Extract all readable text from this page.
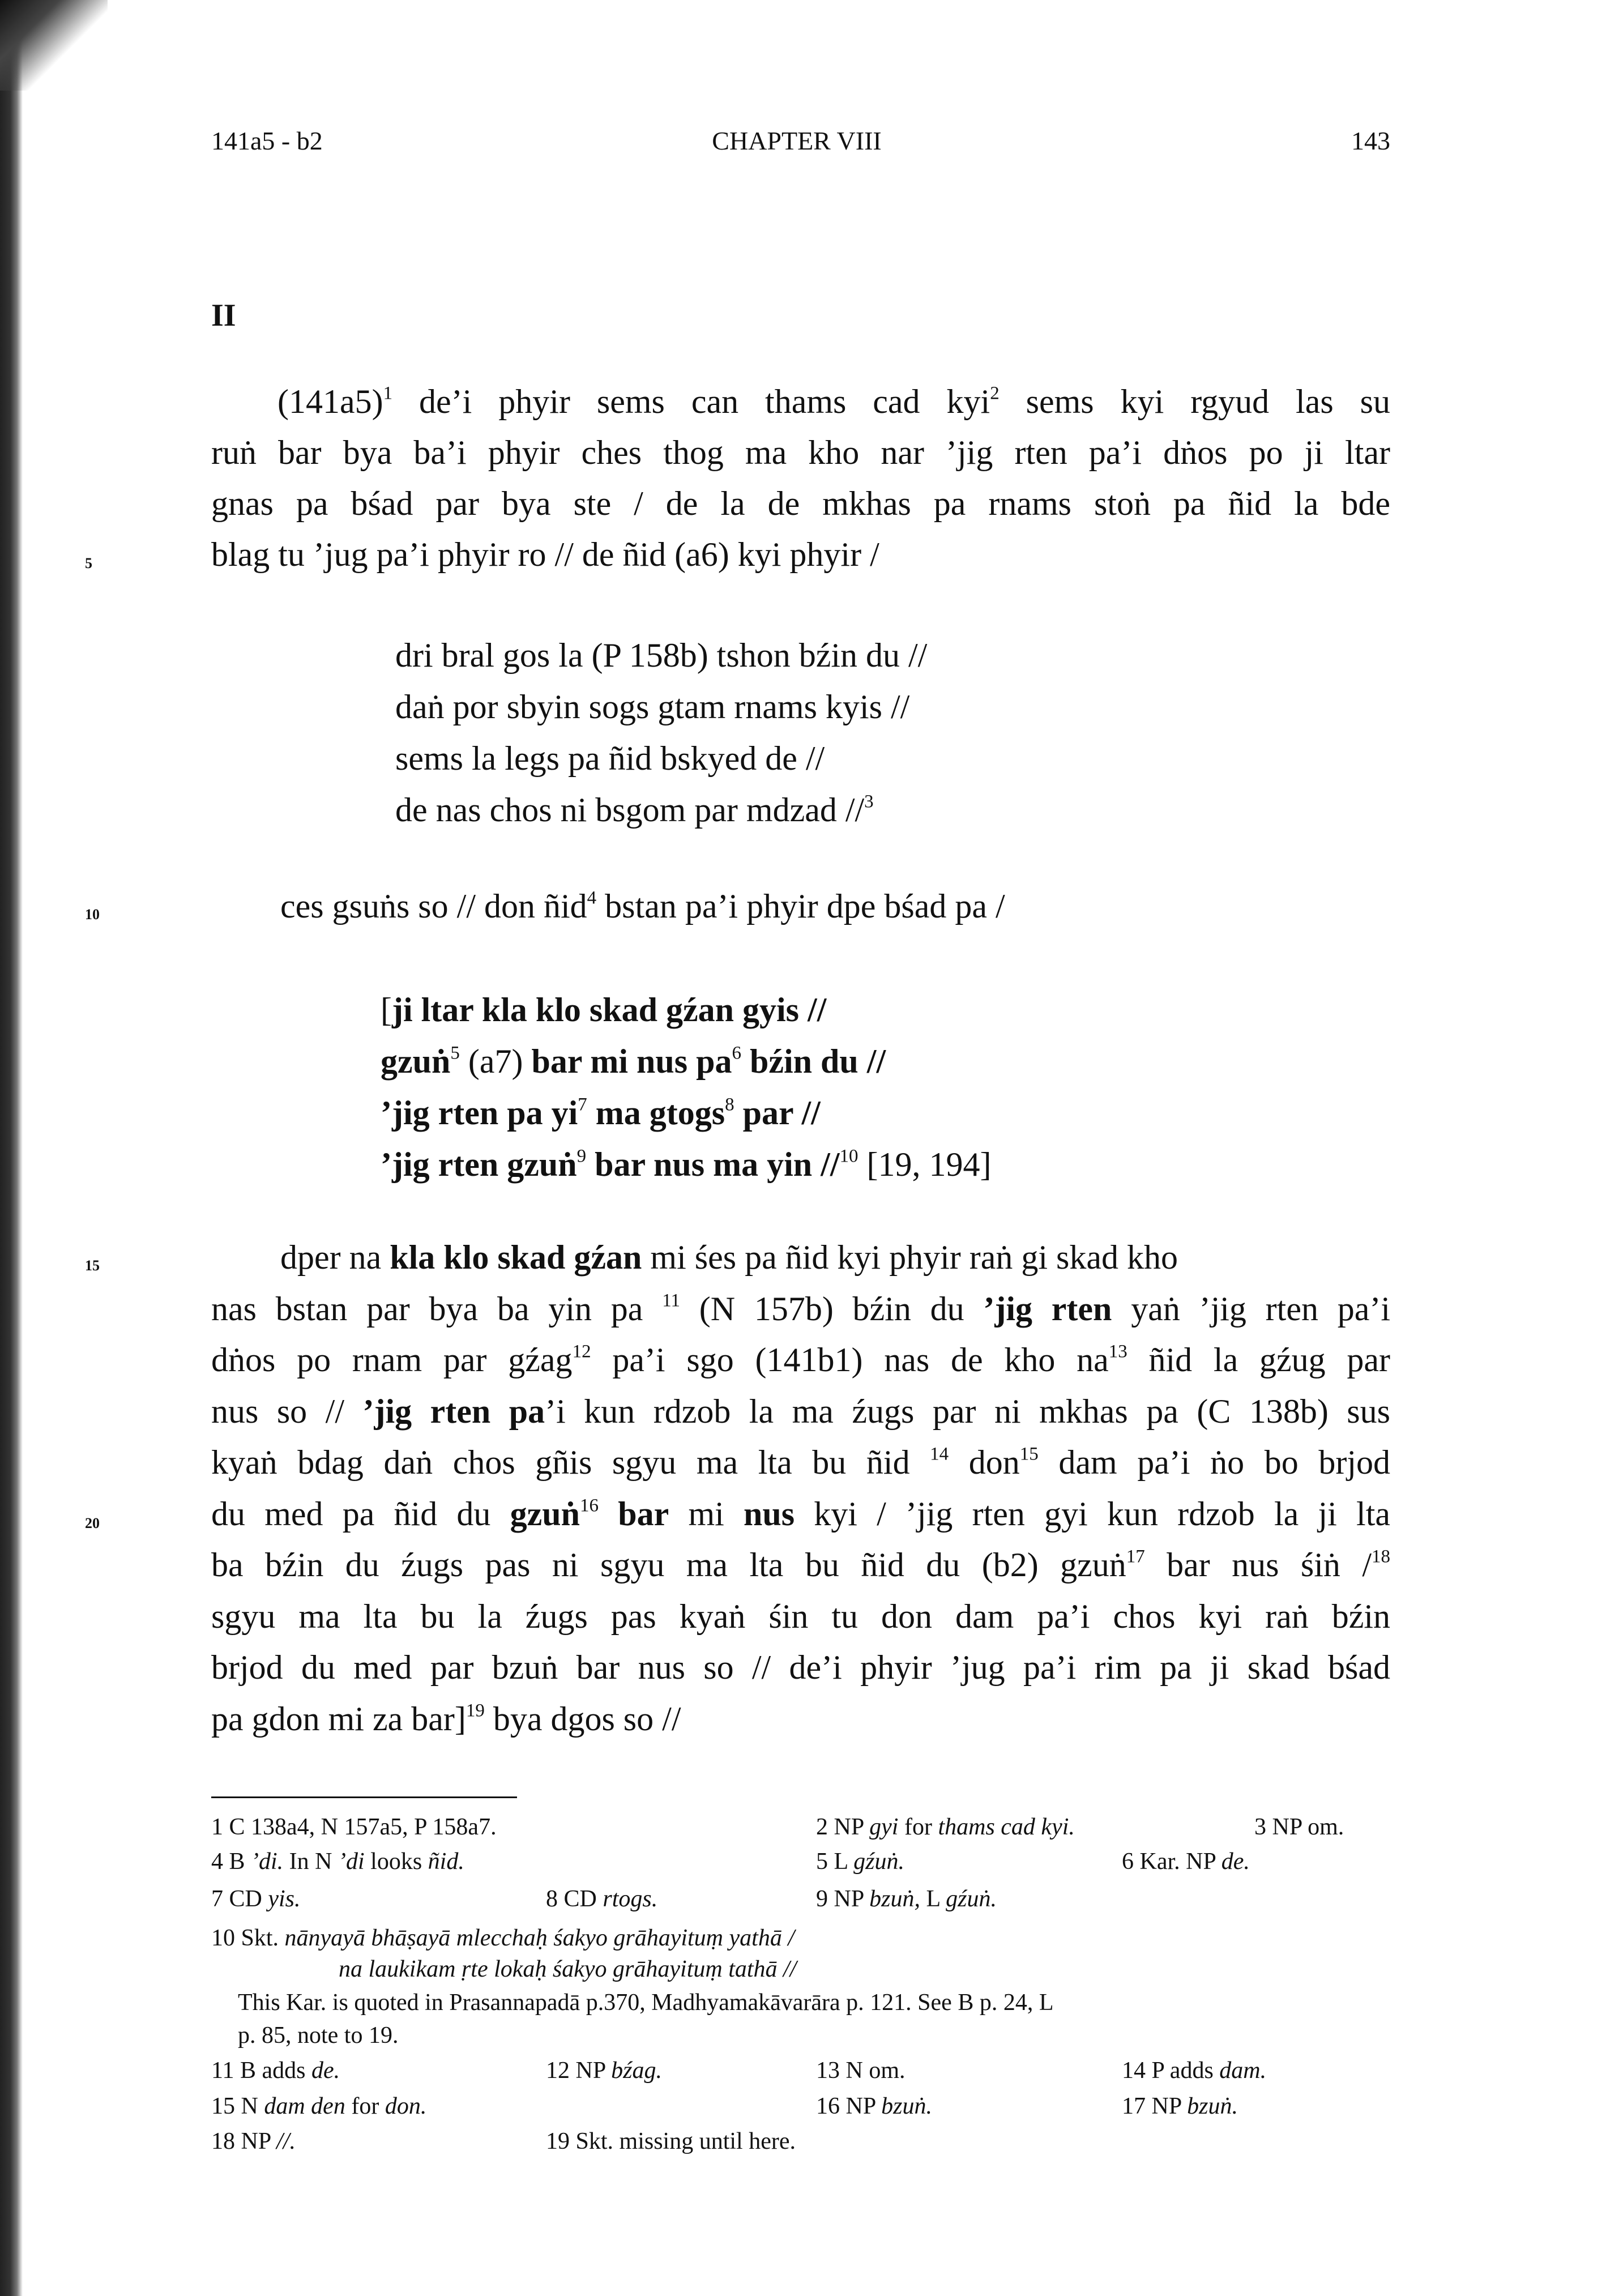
141a5 - b2	CHAPTER VIII	143
II
5
10
15
20
$(141a5)^1$ de’i phyir sems can thams cad kyi$^2$ sems kyi rgyud las su
ruṅ bar bya ba’i phyir ches thog ma kho nar ’jig rten pa’i dṅos po ji ltar
gnas pa bśad par bya ste / de la de mkhas pa rnams stoṅ pa ñid la bde
blag tu ’jug pa’i phyir ro // de ñid (a6) kyi phyir /
dri bral gos la (P 158b) tshon bźin du //
daṅ por sbyin sogs gtam rnams kyis //
sems la legs pa ñid bskyed de //
de nas chos ni bsgom par mdzad //$^3$
ces gsuṅs so // don ñid$^4$ bstan pa’i phyir dpe bśad pa /
[ji ltar kla klo skad gźan gyis //
gzuṅ$^5$ (a7) bar mi nus $pa^6$ bźin du //
’jig rten pa $yi^7$ ma gtogs$^8$ par //
’jig rten gzuṅ$^9$ bar nus ma yin //$^{10}$ [19, 194]
dper na kla klo skad gźan mi śes pa ñid kyi phyir raṅ gi skad kho
nas bstan par bya ba yin pa $^{11}$ (N 157b) bźin du ’jig rten yaṅ ’jig rten pa’i
dṅos po rnam par gźag$^{12}$ pa’i sgo (141b1) nas de kho $na^{13}$ ñid la gźug par
nus so // ’jig rten pa’i kun rdzob la ma źugs par ni mkhas pa (C 138b) sus
kyaṅ bdag daṅ chos gñis sgyu ma lta bu ñid $^{14}$ don$^{15}$ dam pa’i ṅo bo brjod
du med pa ñid du gzuṅ$^{16}$ bar mi nus kyi / ’jig rten gyi kun rdzob la ji lta
ba bźin du źugs pas ni sgyu ma lta bu ñid du (b2) gzuṅ$^{17}$ bar nus śiṅ /$^{18}$
sgyu ma lta bu la źugs pas kyaṅ śin tu don dam pa’i chos kyi raṅ bźin
brjod du med par bzuṅ bar nus so // de’i phyir ’jug pa’i rim pa ji skad bśad
pa gdon mi za bar]$^{19}$ bya dgos so //
1 C 138a4, N 157a5, P 158a7.	2 NP gyi for thams cad kyi.	3 NP om.
4 B ’di. In N ’di looks ñid.	5 L gźuṅ.	6 Kar. NP de.
7 CD yis.	8 CD rtogs.	9 NP bzuṅ, L gźuṅ.
10 Skt. nānyayā bhāṣayā mlecchaḥ śakyo grāhayituṃ yathā /
na laukikam ṛte lokaḥ śakyo grāhayituṃ tathā //
This Kar. is quoted in Prasannapadā p.370, Madhyamakāvarāra p. 121. See B p. 24, L
p. 85, note to 19.
11 B adds de.	12 NP bźag.	13 N om.	14 P adds dam.
15 N dam den for don.	16 NP bzuṅ.	17 NP bzuṅ.
18 NP //.	19 Skt. missing until here.
